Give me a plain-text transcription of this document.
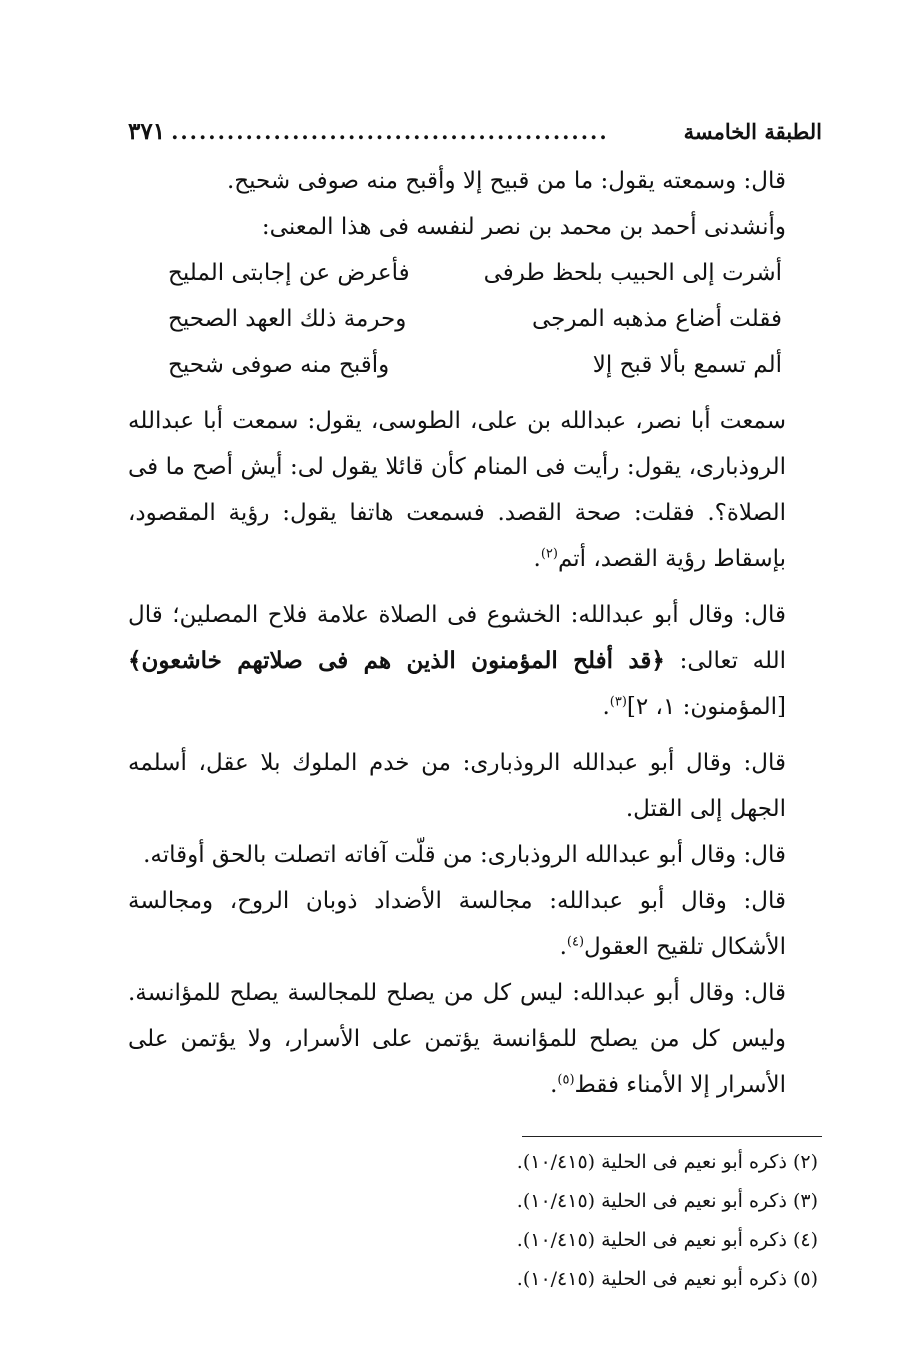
الطبقة الخامسة
...............................................
٣٧١

قال: وسمعته يقول: ما من قبيح إلا وأقبح منه صوفى شحيح.

وأنشدنى أحمد بن محمد بن نصر لنفسه فى هذا المعنى:

أشرت إلى الحبيب بلحظ طرفى
فأعرض عن إجابتى المليح
فقلت أضاع مذهبه المرجى
وحرمة ذلك العهد الصحيح
ألم تسمع بألا قبح إلا
وأقبح منه صوفى شحيح

سمعت أبا نصر، عبدالله بن على، الطوسى، يقول: سمعت أبا عبدالله الروذبارى، يقول: رأيت فى المنام كأن قائلا يقول لى: أيش أصح ما فى الصلاة؟. فقلت: صحة القصد. فسمعت هاتفا يقول: رؤية المقصود، بإسقاط رؤية القصد، أتم$^{(٢)}$.

قال: وقال أبو عبدالله: الخشوع فى الصلاة علامة فلاح المصلين؛ قال الله تعالى: ﴿قد أفلح المؤمنون الذين هم فى صلاتهم خاشعون﴾ [المؤمنون: ١، ٢]$^{(٣)}$.

قال: وقال أبو عبدالله الروذبارى: من خدم الملوك بلا عقل، أسلمه الجهل إلى القتل.

قال: وقال أبو عبدالله الروذبارى: من قلّت آفاته اتصلت بالحق أوقاته.

قال: وقال أبو عبدالله: مجالسة الأضداد ذوبان الروح، ومجالسة الأشكال تلقيح العقول$^{(٤)}$.

قال: وقال أبو عبدالله: ليس كل من يصلح للمجالسة يصلح للمؤانسة. وليس كل من يصلح للمؤانسة يؤتمن على الأسرار، ولا يؤتمن على الأسرار إلا الأمناء فقط$^{(٥)}$.

(٢) ذكره أبو نعيم فى الحلية (١٠/٤١٥).
(٣) ذكره أبو نعيم فى الحلية (١٠/٤١٥).
(٤) ذكره أبو نعيم فى الحلية (١٠/٤١٥).
(٥) ذكره أبو نعيم فى الحلية (١٠/٤١٥).
